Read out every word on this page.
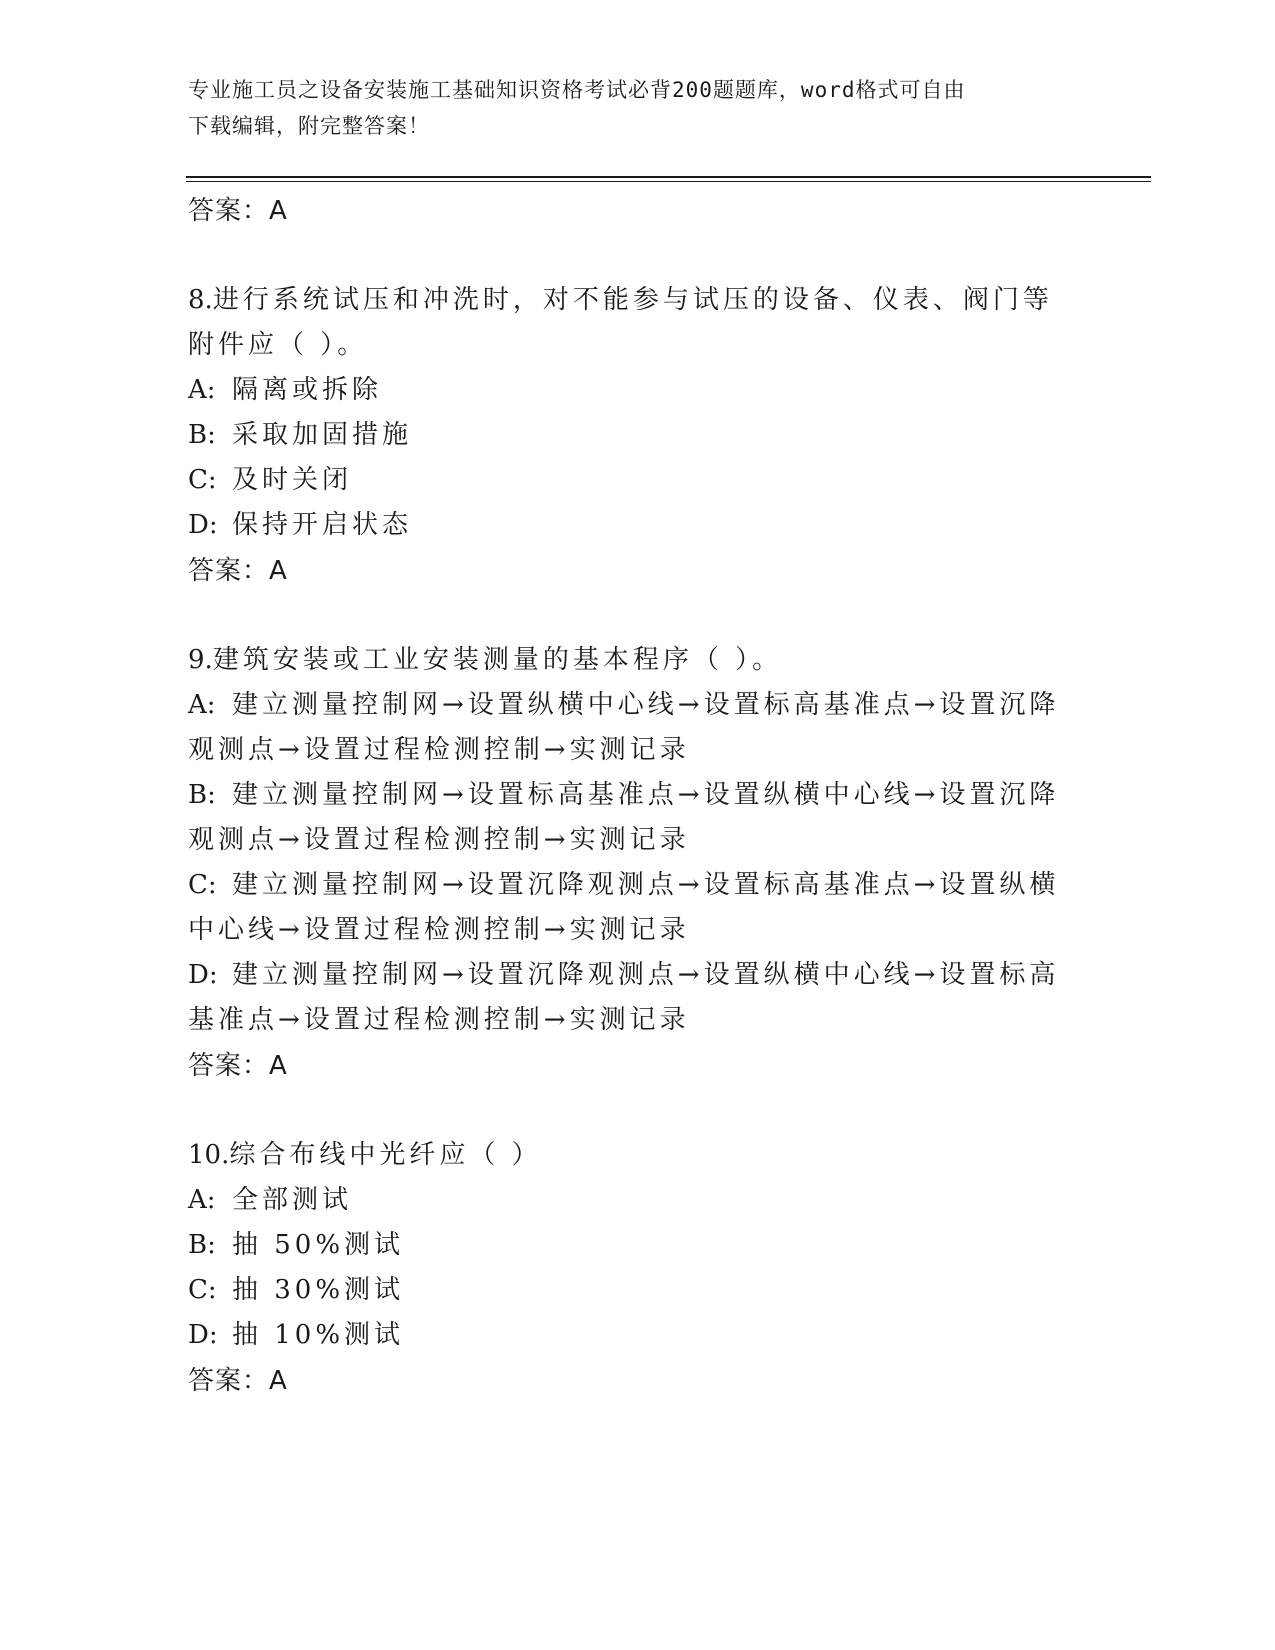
专业施工员之设备安装施工基础知识资格考试必背200题题库，word格式可自由
下载编辑，附完整答案！

答案：A

8.进行系统试压和冲洗时，对不能参与试压的设备、仪表、阀门等附件应（ ）。

A: 隔离或拆除

B: 采取加固措施

C: 及时关闭

D: 保持开启状态

答案：A

9.建筑安装或工业安装测量的基本程序（ ）。

A: 建立测量控制网→设置纵横中心线→设置标高基准点→设置沉降观测点→设置过程检测控制→实测记录

B: 建立测量控制网→设置标高基准点→设置纵横中心线→设置沉降观测点→设置过程检测控制→实测记录

C: 建立测量控制网→设置沉降观测点→设置标高基准点→设置纵横中心线→设置过程检测控制→实测记录

D: 建立测量控制网→设置沉降观测点→设置纵横中心线→设置标高基准点→设置过程检测控制→实测记录

答案：A

10.综合布线中光纤应（ ）

A: 全部测试

B: 抽 50%测试

C: 抽 30%测试

D: 抽 10%测试

答案：A
